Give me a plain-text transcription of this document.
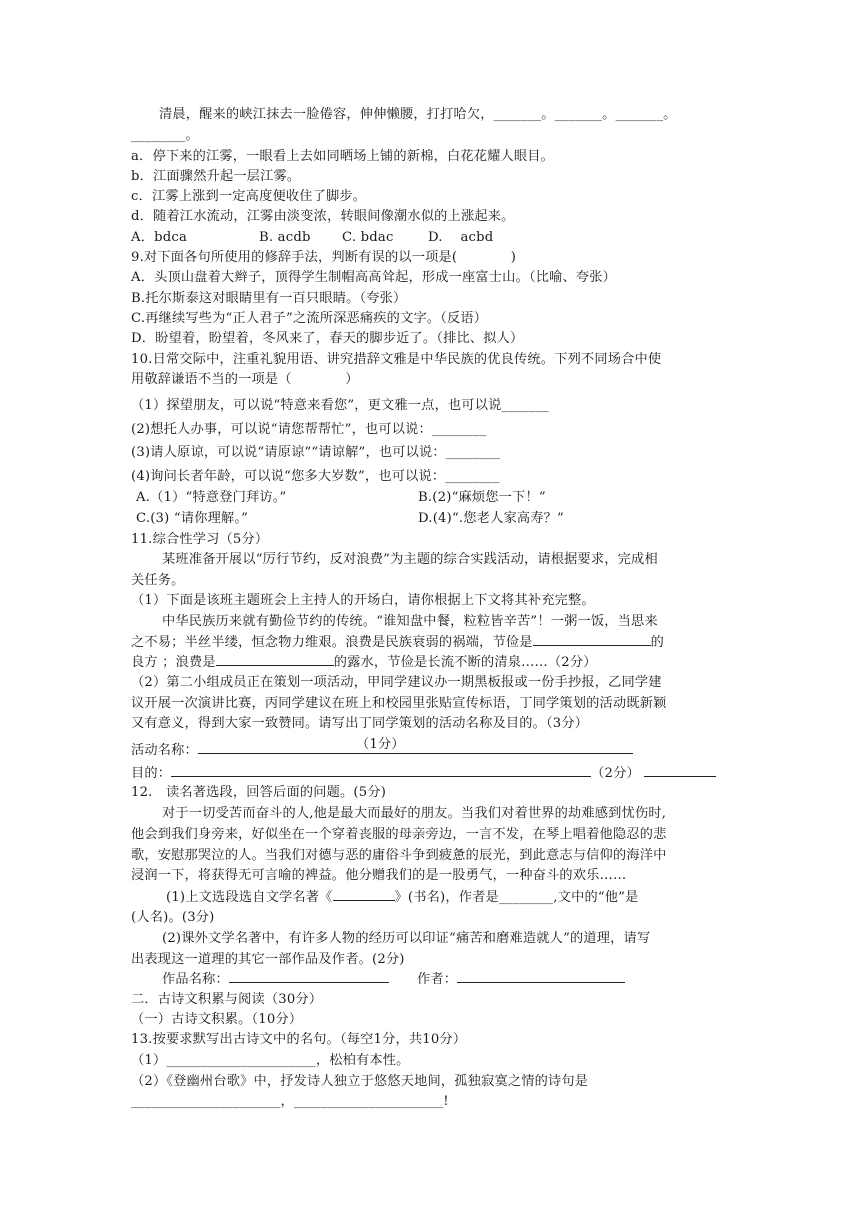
清晨，醒来的峡江抹去一脸倦容，伸伸懒腰，打打哈欠，_______。_______。_______。
________。
a．停下来的江雾，一眼看上去如同晒场上铺的新棉，白花花耀人眼目。
b．江面骤然升起一层江雾。
c．江雾上涨到一定高度便收住了脚步。
d．随着江水流动，江雾由淡变浓，转眼间像潮水似的上涨起来。
A．bdca	B. acdb C. bdac	D.　 acbd
9.对下面各句所使用的修辞手法，判断有误的以一项是(　　　　)
A．头顶山盘着大辫子，顶得学生制帽高高耸起，形成一座富士山。（比喻、夸张）
B.托尔斯泰这对眼睛里有一百只眼睛。（夸张）
C.再继续写些为“正人君子”之流所深恶痛疾的文字。（反语）
D．盼望着，盼望着，冬风来了，春天的脚步近了。（排比、拟人）
10.日常交际中，注重礼貌用语、讲究措辞文雅是中华民族的优良传统。下列不同场合中使
用敬辞谦语不当的一项是（　　　　）
（1）探望朋友，可以说“特意来看您”，更文雅一点，也可以说_______
(2)想托人办事，可以说“请您帮帮忙”，也可以说：________
(3)请人原谅，可以说“请原谅”“请谅解”，也可以说：________
(4)询问长者年龄，可以说“您多大岁数”，也可以说：________
A.（1）“特意登门拜访。”	B.(2)“麻烦您一下！”
C.(3) “请你理解。”	D.(4)“.您老人家高寿？”
11.综合性学习（5分）
某班准备开展以“厉行节约，反对浪费”为主题的综合实践活动，请根据要求，完成相
关任务。
（1）下面是该班主题班会上主持人的开场白，请你根据上下文将其补充完整。
中华民族历来就有勤俭节约的传统。“谁知盘中餐，粒粒皆辛苦”！一粥一饭，当思来
之不易；半丝半缕，恒念物力维艰。浪费是民族衰弱的祸端，节俭是	的
良方 ；浪费是	的露水，节俭是长流不断的清泉……（2分）
（2）第二小组成员正在策划一项活动，甲同学建议办一期黑板报或一份手抄报，乙同学建
议开展一次演讲比赛，丙同学建议在班上和校园里张贴宣传标语，丁同学策划的活动既新颖
又有意义，得到大家一致赞同。请写出丁同学策划的活动名称及目的。（3分）
活动名称：	（1分）
目的：	（2分）
12.　读名著选段，回答后面的问题。(5分)
对于一切受苦而奋斗的人,他是最大而最好的朋友。当我们对着世界的劫难感到忧伤时,
他会到我们身旁来，好似坐在一个穿着丧服的母亲旁边，一言不发，在琴上唱着他隐忍的悲
歌，安慰那哭泣的人。当我们对德与恶的庸俗斗争到疲惫的辰光，到此意志与信仰的海洋中
浸润一下，将获得无可言喻的裨益。他分赠我们的是一股勇气，一种奋斗的欢乐……
(1)上文选段选自文学名著《	》(书名)，作者是________,文中的“他”是
(人名)。(3分)
(2)课外文学名著中，有许多人物的经历可以印证“痛苦和磨难造就人”的道理，请写
出表现这一道理的其它一部作品及作者。(2分)
作品名称：	作者：
二．古诗文积累与阅读（30分）
（一）古诗文积累。（10分）
13.按要求默写出古诗文中的名句。（每空1分，共10分）
（1）______________________，松柏有本性。
（2）《登幽州台歌》中，抒发诗人独立于悠悠天地间，孤独寂寞之情的诗句是
______________________，______________________!
